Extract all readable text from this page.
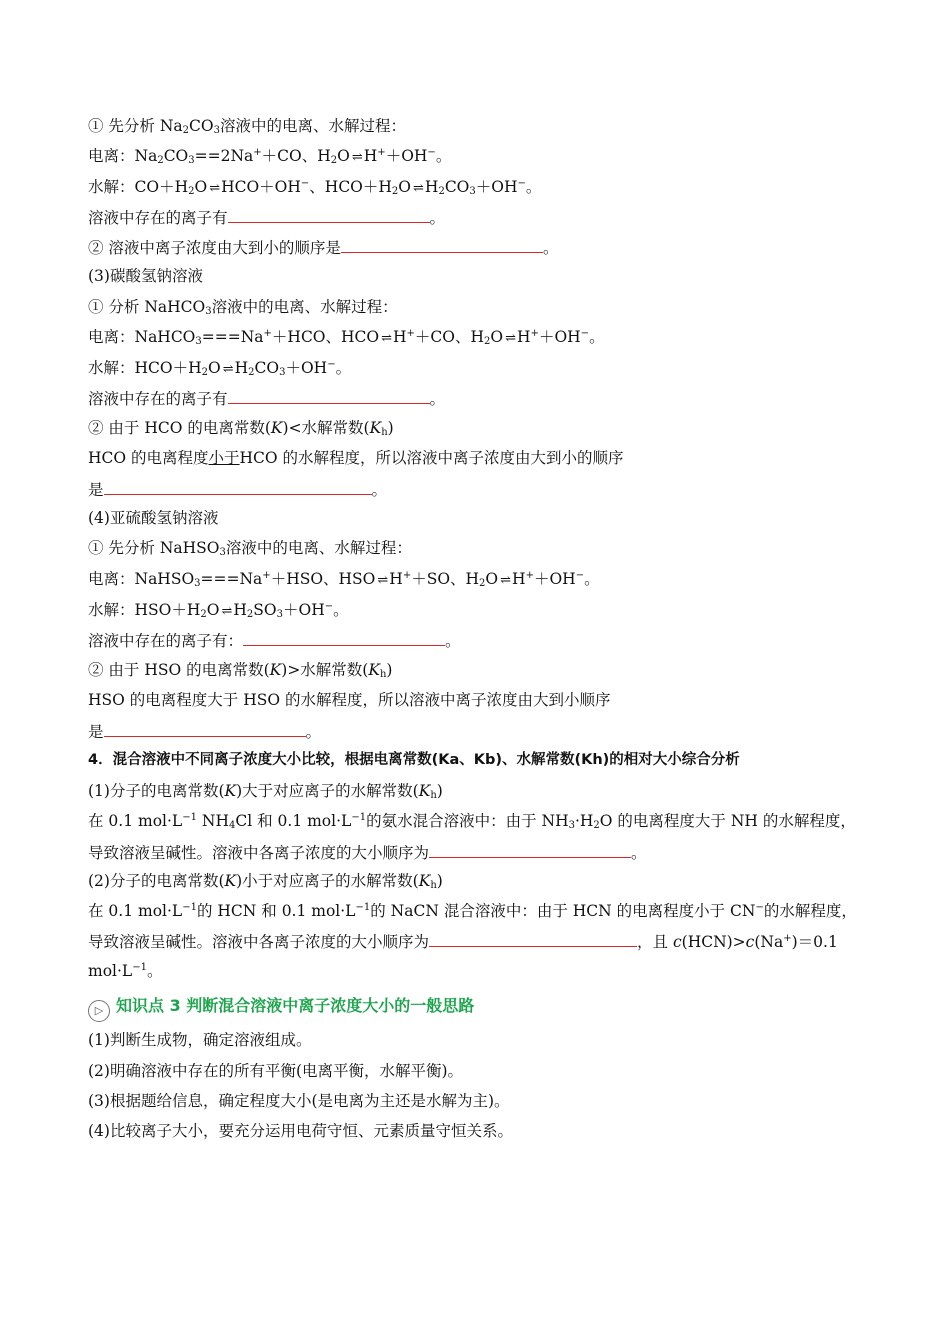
① 先分析 $Na_2CO_3$溶液中的电离、水解过程：
电离：$Na_2CO_3==2Na^++CO$、$H_2O$ ⇌ H+＋OH−。
水解：$CO+H_2O$ ⇌ HCO＋OH−、$HCO+H_2O$ ⇌ $H_2CO_3+OH^-$。
溶液中存在的离子有	。
② 溶液中离子浓度由大到小的顺序是	。
(3)碳酸氢钠溶液
① 分析 NaHCO$_3$溶液中的电离、水解过程：
电离：NaHCO$_3$===Na+＋HCO、HCO ⇌ H+＋CO、$H_2O$ ⇌ H+＋OH−。
水解：$HCO+H_2O$ ⇌ $H_2CO_3+OH^-$。
溶液中存在的离子有	。
② 由于 HCO 的电离常数(K)<水解常数$(K_h)$
HCO 的电离程度小于HCO 的水解程度，所以溶液中离子浓度由大到小的顺序
是	。
(4)亚硫酸氢钠溶液
① 先分析 NaHSO$_3$溶液中的电离、水解过程：
电离：NaHSO$_3$===Na+＋HSO、HSO ⇌ H+＋SO、$H_2O$ ⇌ H+＋OH−。
水解：$HSO+H_2O$ ⇌ $H_2SO_3+OH^-$。
溶液中存在的离子有：	。
② 由于 HSO 的电离常数(K)>水解常数$(K_h)$
HSO 的电离程度大于 HSO 的水解程度，所以溶液中离子浓度由大到小顺序
是	。
4．混合溶液中不同离子浓度大小比较，根据电离常数(Ka、Kb)、水解常数(Kh)的相对大小综合分析
(1)分子的电离常数(K)大于对应离子的水解常数$(K_h)$
在 0.1 $mol\cdot L^{-1}$ $NH_4Cl$ 和 0.1 $mol\cdot L^{-1}$的氨水混合溶液中：由于 $NH_3\cdot H_2O$ 的电离程度大于 NH 的水解程度，
导致溶液呈碱性。溶液中各离子浓度的大小顺序为	。
(2)分子的电离常数(K)小于对应离子的水解常数$(K_h)$
在 0.1 $mol\cdot L^{-1}$的 HCN 和 0.1 $mol\cdot L^{-1}$的 NaCN 混合溶液中：由于 HCN 的电离程度小于 CN−的水解程度，
导致溶液呈碱性。溶液中各离子浓度的大小顺序为	，且 c(HCN)>c(Na+)＝0.1
$mol\cdot L^{-1}$。
▷ 知识点 3 判断混合溶液中离子浓度大小的一般思路
(1)判断生成物，确定溶液组成。
(2)明确溶液中存在的所有平衡(电离平衡，水解平衡)。
(3)根据题给信息，确定程度大小(是电离为主还是水解为主)。
(4)比较离子大小，要充分运用电荷守恒、元素质量守恒关系。
